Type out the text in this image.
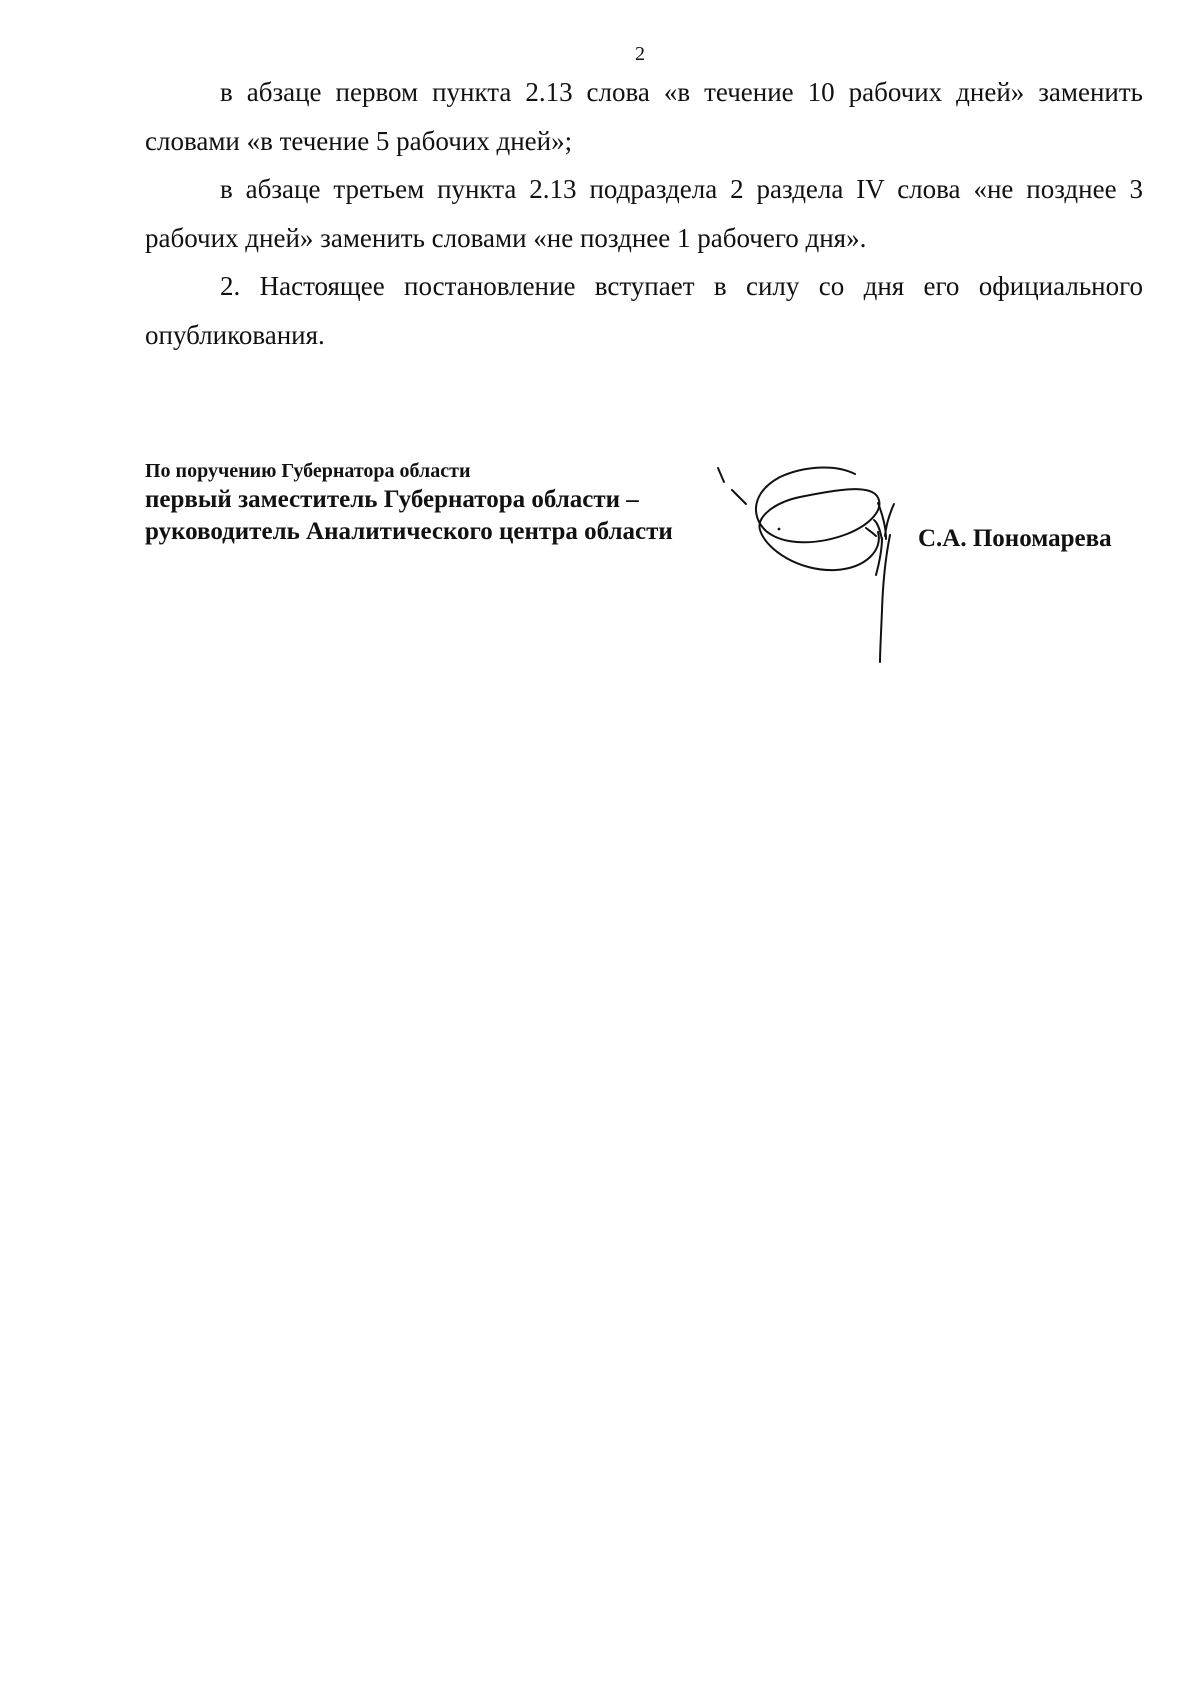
2

в абзаце первом пункта 2.13 слова «в течение 10 рабочих дней» заменить словами «в течение 5 рабочих дней»;

в абзаце третьем пункта 2.13 подраздела 2 раздела IV слова «не позднее 3 рабочих дней» заменить словами «не позднее 1 рабочего дня».

2. Настоящее постановление вступает в силу со дня его официального опубликования.

По поручению Губернатора области

первый заместитель Губернатора области –

руководитель Аналитического центра области	С.А. Пономарева
